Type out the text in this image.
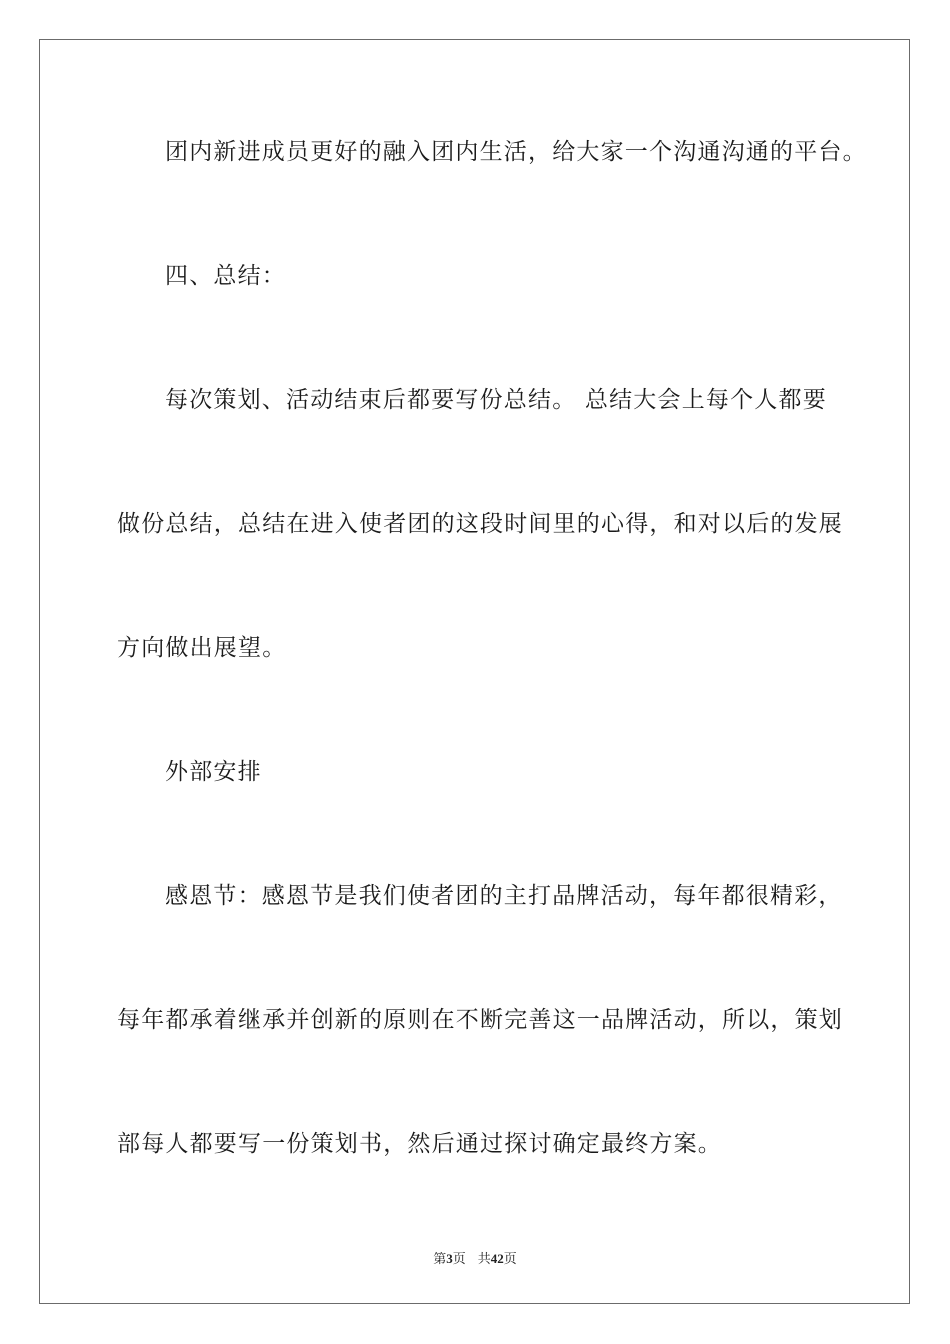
团内新进成员更好的融入团内生活，给大家一个沟通沟通的平台。

四、总结：

每次策划、活动结束后都要写份总结。 总结大会上每个人都要

做份总结，总结在进入使者团的这段时间里的心得，和对以后的发展

方向做出展望。

外部安排

感恩节：感恩节是我们使者团的主打品牌活动，每年都很精彩，

每年都承着继承并创新的原则在不断完善这一品牌活动，所以，策划

部每人都要写一份策划书，然后通过探讨确定最终方案。

第3页 共42页
